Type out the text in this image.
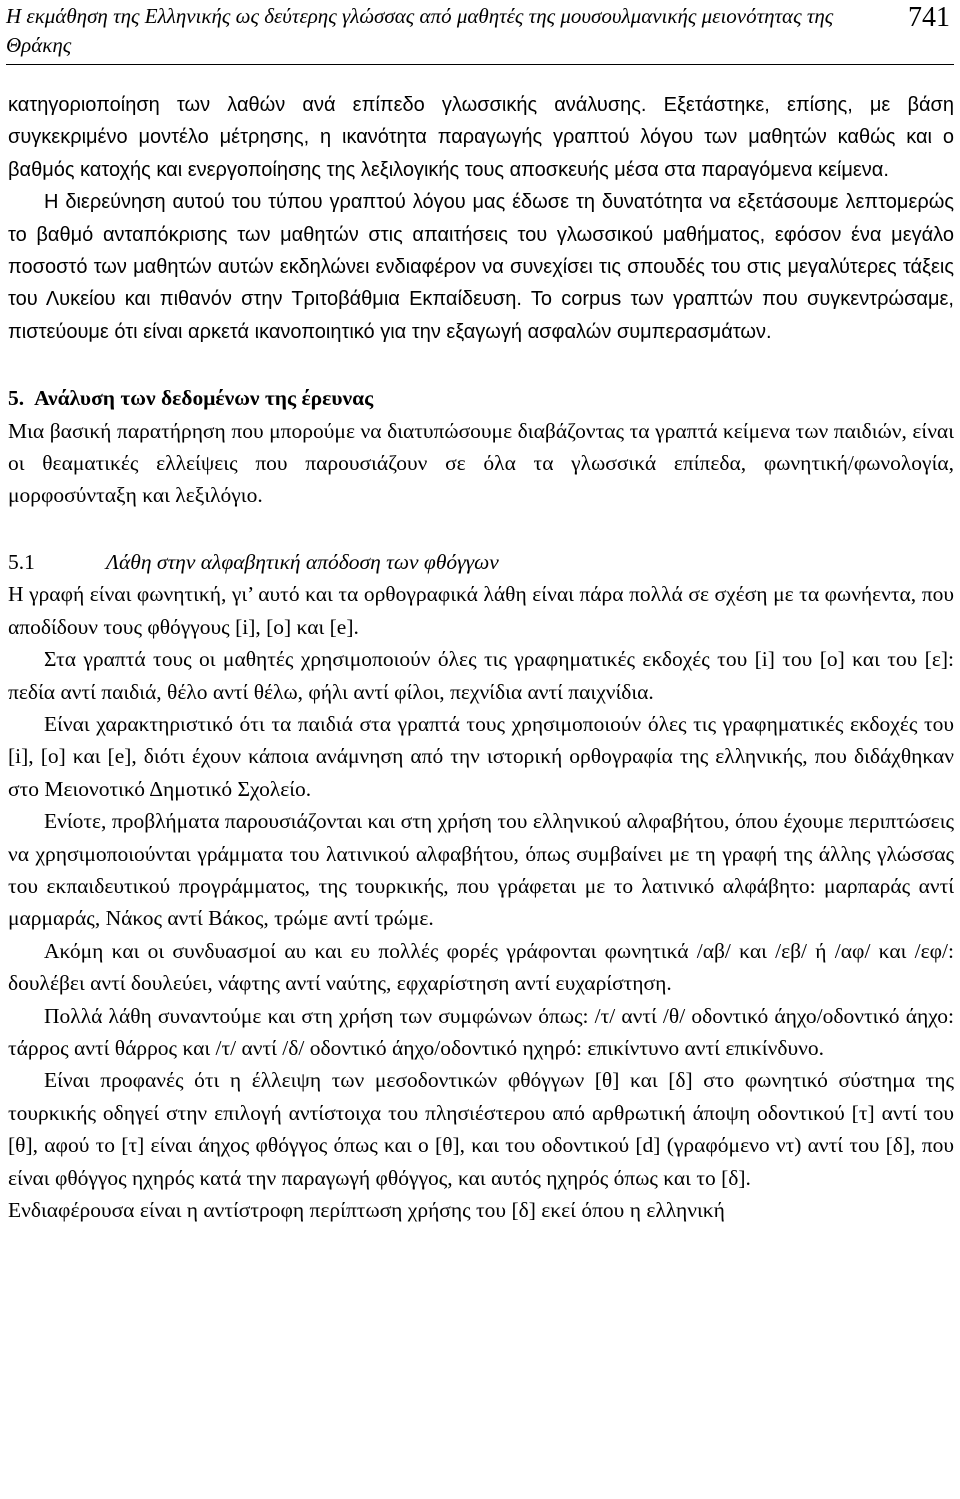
Η εκμάθηση της Ελληνικής ως δεύτερης γλώσσας από μαθητές της μουσουλμανικής μειονότητας της Θράκης
741

κατηγοριοποίηση των λαθών ανά επίπεδο γλωσσικής ανάλυσης. Εξετάστηκε, επίσης, με βάση συγκεκριμένο μοντέλο μέτρησης, η ικανότητα παραγωγής γραπτού λόγου των μαθητών καθώς και ο βαθμός κατοχής και ενεργοποίησης της λεξιλογικής τους αποσκευής μέσα στα παραγόμενα κείμενα.

Η διερεύνηση αυτού του τύπου γραπτού λόγου μας έδωσε τη δυνατότητα να εξετάσουμε λεπτομερώς το βαθμό ανταπόκρισης των μαθητών στις απαιτήσεις του γλωσσικού μαθήματος, εφόσον ένα μεγάλο ποσοστό των μαθητών αυτών εκδηλώνει ενδιαφέρον να συνεχίσει τις σπουδές του στις μεγαλύτερες τάξεις του Λυκείου και πιθανόν στην Τριτοβάθμια Εκπαίδευση. Το corpus των γραπτών που συγκεντρώσαμε, πιστεύουμε ότι είναι αρκετά ικανοποιητικό για την εξαγωγή ασφαλών συμπερασμάτων.

5. Ανάλυση των δεδομένων της έρευνας

Μια βασική παρατήρηση που μπορούμε να διατυπώσουμε διαβάζοντας τα γραπτά κείμενα των παιδιών, είναι οι θεαματικές ελλείψεις που παρουσιάζουν σε όλα τα γλωσσικά επίπεδα, φωνητική/φωνολογία, μορφοσύνταξη και λεξιλόγιο.

5.1	Λάθη στην αλφαβητική απόδοση των φθόγγων

Η γραφή είναι φωνητική, γι’ αυτό και τα ορθογραφικά λάθη είναι πάρα πολλά σε σχέση με τα φωνήεντα, που αποδίδουν τους φθόγγους [i], [o] και [e].

Στα γραπτά τους οι μαθητές χρησιμοποιούν όλες τις γραφηματικές εκδοχές του [i] του [o] και του [ε]: πεδία αντί παιδιά, θέλο αντί θέλω, φήλι αντί φίλοι, πεχνίδια αντί παιχνίδια.

Είναι χαρακτηριστικό ότι τα παιδιά στα γραπτά τους χρησιμοποιούν όλες τις γραφηματικές εκδοχές του [i], [o] και [e], διότι έχουν κάποια ανάμνηση από την ιστορική ορθογραφία της ελληνικής, που διδάχθηκαν στο Μειονοτικό Δημοτικό Σχολείο.

Ενίοτε, προβλήματα παρουσιάζονται και στη χρήση του ελληνικού αλφαβήτου, όπου έχουμε περιπτώσεις να χρησιμοποιούνται γράμματα του λατινικού αλφαβήτου, όπως συμβαίνει με τη γραφή της άλλης γλώσσας του εκπαιδευτικού προγράμματος, της τουρκικής, που γράφεται με το λατινικό αλφάβητο: μαρπαράς αντί μαρμαράς, Νάκος αντί Βάκος, τρώμε αντί τρώμε.

Ακόμη και οι συνδυασμοί αυ και ευ πολλές φορές γράφονται φωνητικά /αβ/ και /εβ/ ή /αφ/ και /εφ/: δουλέβει αντί δουλεύει, νάφτης αντί ναύτης, εφχαρίστηση αντί ευχαρίστηση.

Πολλά λάθη συναντούμε και στη χρήση των συμφώνων όπως: /τ/ αντί /θ/ οδοντικό άηχο/οδοντικό άηχο: τάρρος αντί θάρρος και /τ/ αντί /δ/ οδοντικό άηχο/οδοντικό ηχηρό: επικίντυνο αντί επικίνδυνο.

Είναι προφανές ότι η έλλειψη των μεσοδοντικών φθόγγων [θ] και [δ] στο φωνητικό σύστημα της τουρκικής οδηγεί στην επιλογή αντίστοιχα του πλησιέστερου από αρθρωτική άποψη οδοντικού [τ] αντί του [θ], αφού το [τ] είναι άηχος φθόγγος όπως και ο [θ], και του οδοντικού [d] (γραφόμενο ντ) αντί του [δ], που είναι φθόγγος ηχηρός κατά την παραγωγή φθόγγος, και αυτός ηχηρός όπως και το [δ].

Ενδιαφέρουσα είναι η αντίστροφη περίπτωση χρήσης του [δ] εκεί όπου η ελληνική
